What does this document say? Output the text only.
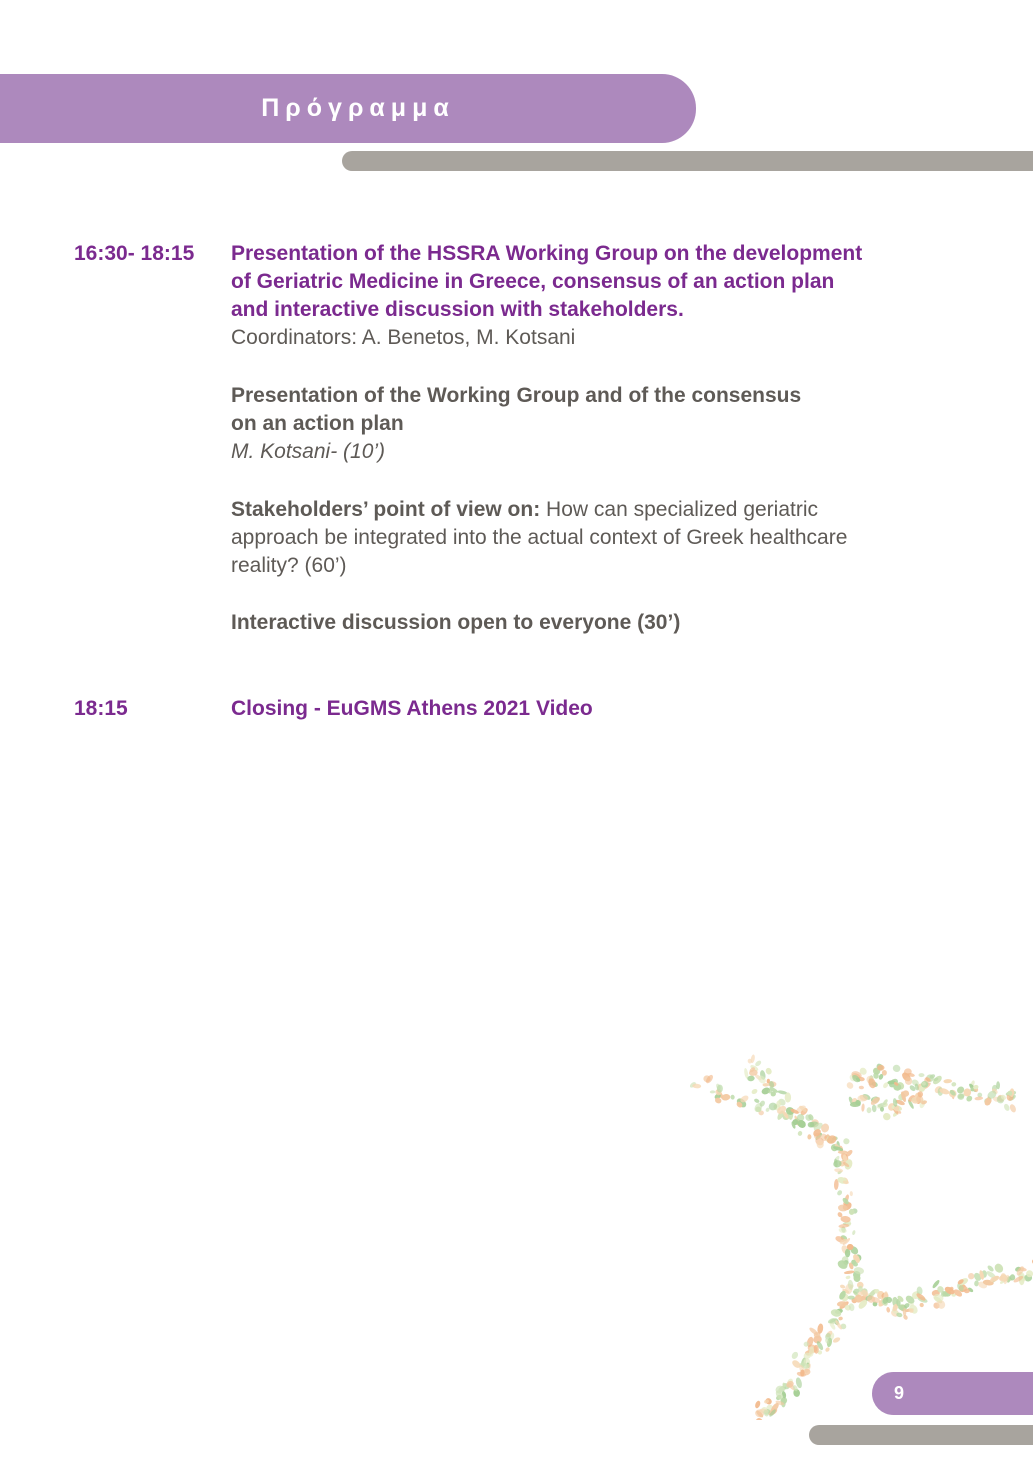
Πρόγραμμα
16:30- 18:15	Presentation of the HSSRA Working Group on the development
of Geriatric Medicine in Greece, consensus of an action plan
and interactive discussion with stakeholders.
Coordinators: A. Benetos, M. Kotsani
Presentation of the Working Group and of the consensus
on an action plan
M. Kotsani- (10’)
Stakeholders’ point of view on: How can specialized geriatric
approach be integrated into the actual context of Greek healthcare
reality? (60’)
Interactive discussion open to everyone (30’)
18:15	Closing - EuGMS Athens 2021 Video
9
